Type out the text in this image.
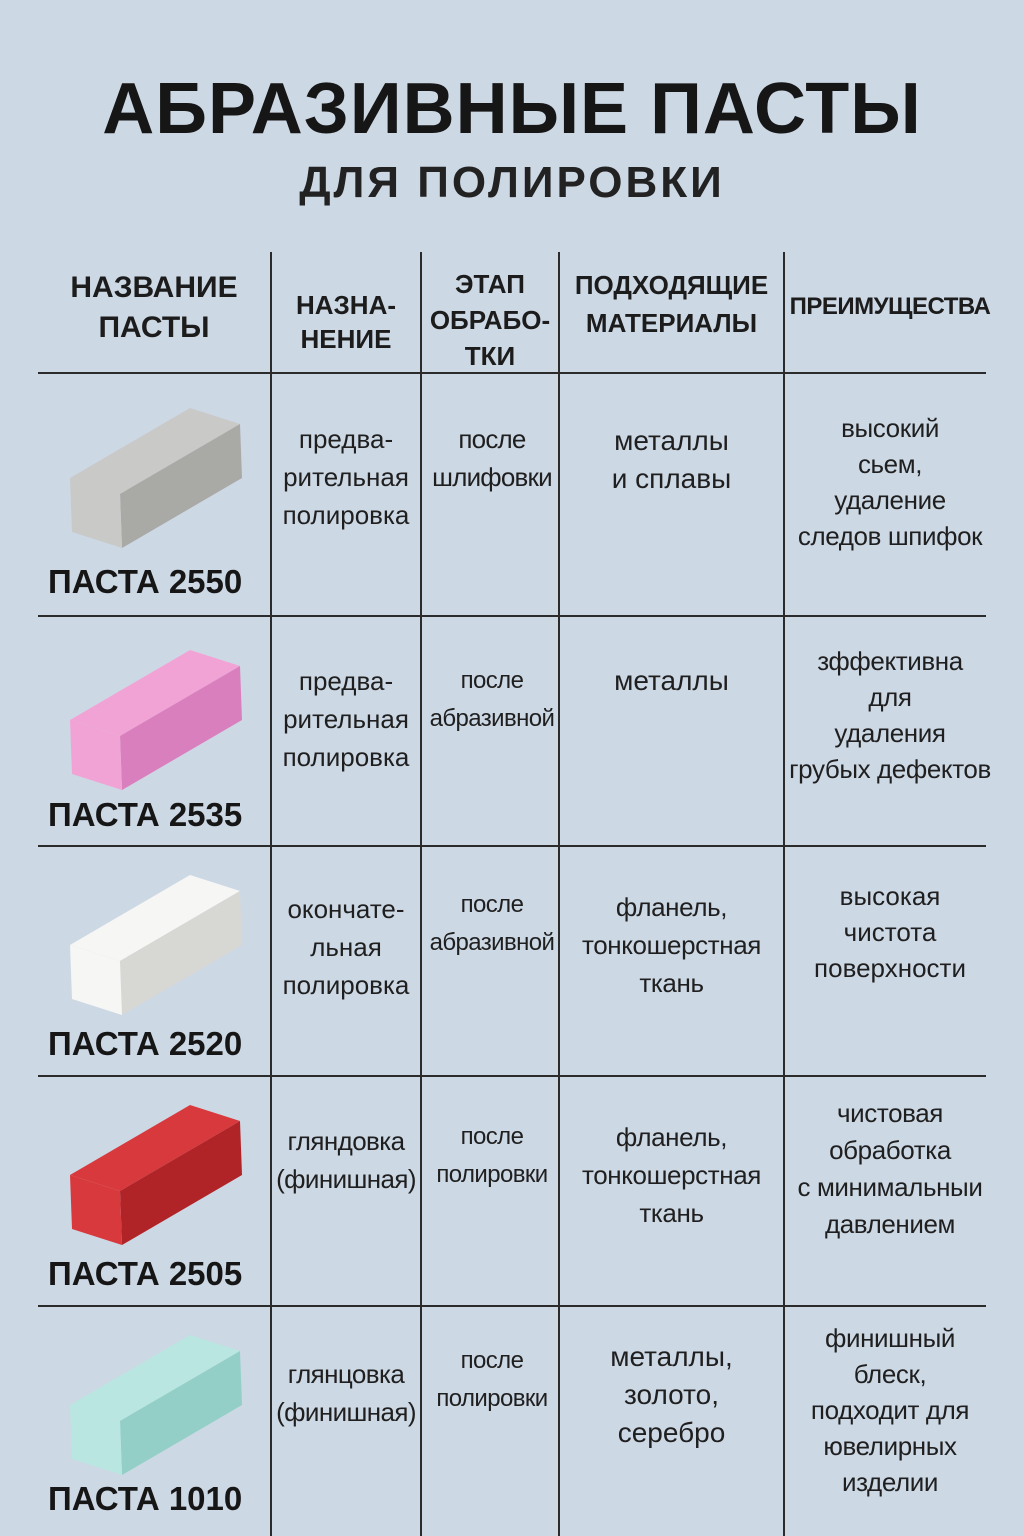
АБРАЗИВНЫЕ ПАСТЫ
ДЛЯ ПОЛИРОВКИ
НАЗВАНИЕ
ПАСТЫ
НАЗНА-
НЕНИЕ
ЭТАП
ОБРАБО-
ТКИ
ПОДХОДЯЩИЕ
МАТЕРИАЛЫ
ПРЕИМУЩЕСТВА
ПАСТА 2550
предва-
рительная
полировка
после
шлифовки
металлы
и сплавы
высокий
сьем,
удаление
следов шпифок
ПАСТА 2535
предва-
рительная
полировка
после
абразивной
металлы
зффективна
для
удаления
грубых дефектов
ПАСТА 2520
окончате-
льная
полировка
после
абразивной
фланель,
тонкошерстная
ткань
высокая
чистота
поверхности
ПАСТА 2505
гляндовка
(финишная)
после
полировки
фланель,
тонкошерстная
ткань
чистовая
обработка
с минимальныи
давлением
ПАСТА 1010
глянцовка
(финишная)
после
полировки
металлы,
золото,
серебро
финишный
блеск,
подходит для
ювелирных
изделии
